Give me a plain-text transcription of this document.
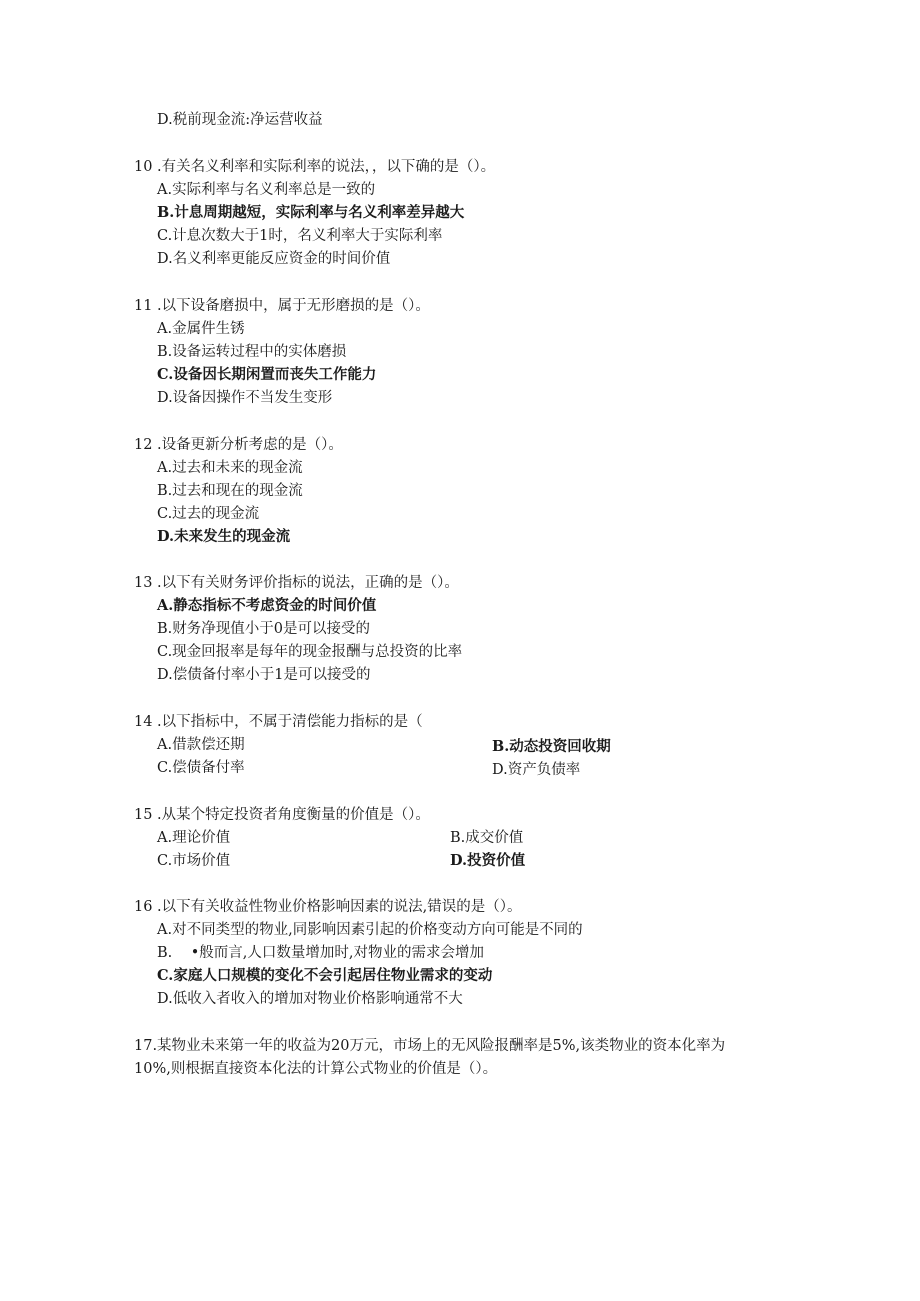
D.税前现金流:净运营收益
10 .有关名义利率和实际利率的说法，，以下确的是（）。
A.实际利率与名义利率总是一致的
B.计息周期越短，实际利率与名义利率差异越大
C.计息次数大于1时，名义利率大于实际利率
D.名义利率更能反应资金的时间价值
11 .以下设备磨损中，属于无形磨损的是（）。
A.金属件生锈
B.设备运转过程中的实体磨损
C.设备因长期闲置而丧失工作能力
D.设备因操作不当发生变形
12 .设备更新分析考虑的是（）。
A.过去和未来的现金流
B.过去和现在的现金流
C.过去的现金流
D.未来发生的现金流
13 .以下有关财务评价指标的说法，正确的是（）。
A.静态指标不考虑资金的时间价值
B.财务净现值小于0是可以接受的
C.现金回报率是每年的现金报酬与总投资的比率
D.偿债备付率小于1是可以接受的
14 .以下指标中，不属于清偿能力指标的是（
A.借款偿还期	B.动态投资回收期
C.偿债备付率	D.资产负债率
15 .从某个特定投资者角度衡量的价值是（）。
A.理论价值	B.成交价值
C.市场价值	D.投资价值
16 .以下有关收益性物业价格影响因素的说法,错误的是（）。
A.对不同类型的物业,同影响因素引起的价格变动方向可能是不同的
B.    •般而言,人口数量增加时,对物业的需求会增加
C.家庭人口规模的变化不会引起居住物业需求的变动
D.低收入者收入的增加对物业价格影响通常不大
17.某物业未来第一年的收益为20万元，市场上的无风险报酬率是5%,该类物业的资本化率为
10%,则根据直接资本化法的计算公式物业的价值是（）。
